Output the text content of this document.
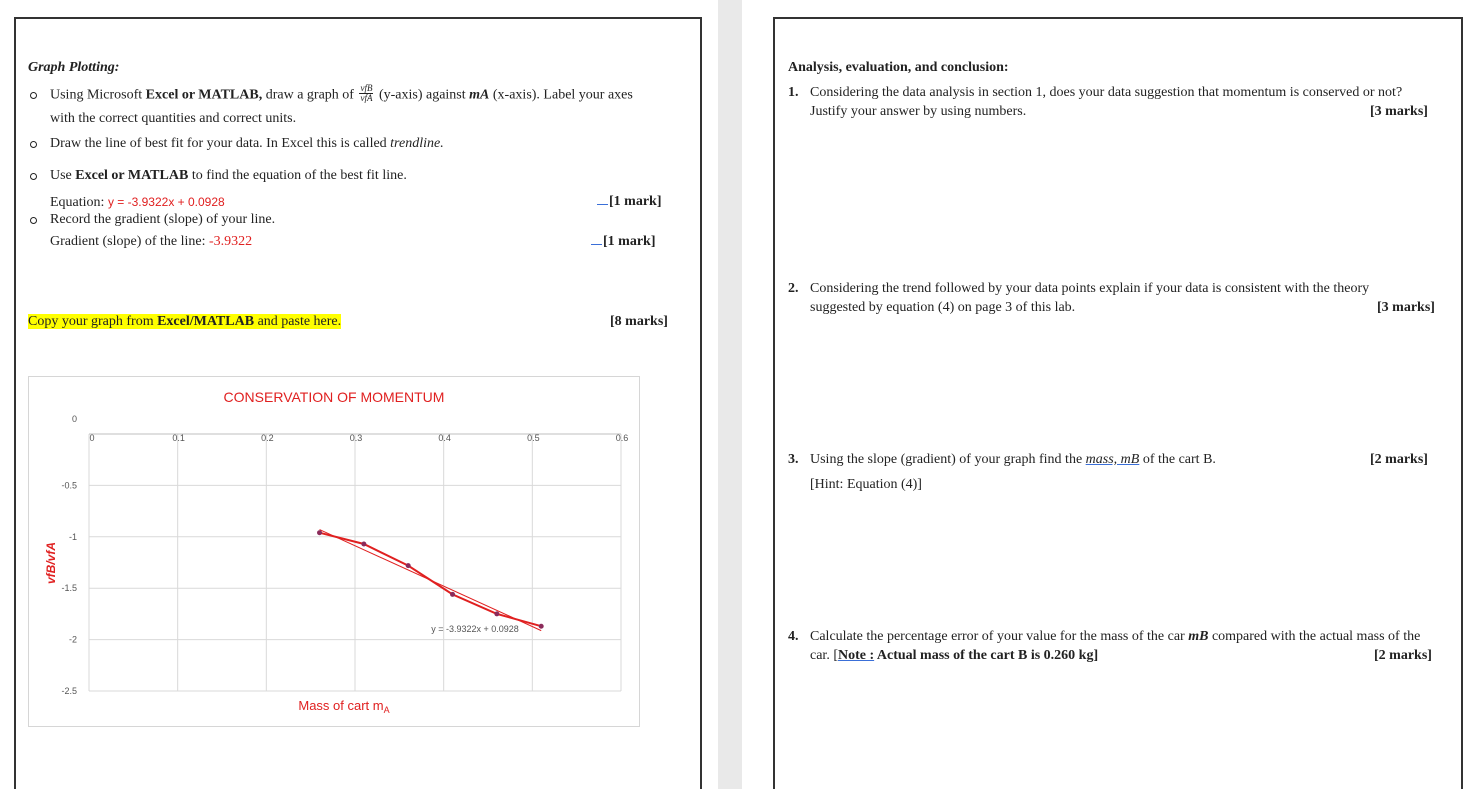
Graph Plotting:
Using Microsoft Excel or MATLAB, draw a graph of $\frac{\text{vfB}}{\text{vfA}}$ (y-axis) against mA (x-axis). Label your axes
with the correct quantities and correct units.
Draw the line of best fit for your data. In Excel this is called trendline.
Use Excel or MATLAB to find the equation of the best fit line.
Equation: y = -3.9322x + 0.0928	[1 mark]
Record the gradient (slope) of your line.
Gradient (slope) of the line: -3.9322	[1 mark]
Copy your graph from Excel/MATLAB and paste here.	[8 marks]
0	0.1	0.2	0.3	0.4	0.5	0.6
0
-0.5
-1
-1.5
-2
-2.5
CONSERVATION OF MOMENTUM
Mass of cart $m_A$
vfB/vfA
y = -3.9322x + 0.0928
Analysis, evaluation, and conclusion:
1. Considering the data analysis in section 1, does your data suggestion that momentum is conserved or not?
Justify your answer by using numbers.	[3 marks]
2. Considering the trend followed by your data points explain if your data is consistent with the theory
suggested by equation (4) on page 3 of this lab.	[3 marks]
3. Using the slope (gradient) of your graph find the mass, mB of the cart B.	[2 marks]
[Hint: Equation (4)]
4. Calculate the percentage error of your value for the mass of the car mB compared with the actual mass of the
car. [Note : Actual mass of the cart B is 0.260 kg]	[2 marks]
